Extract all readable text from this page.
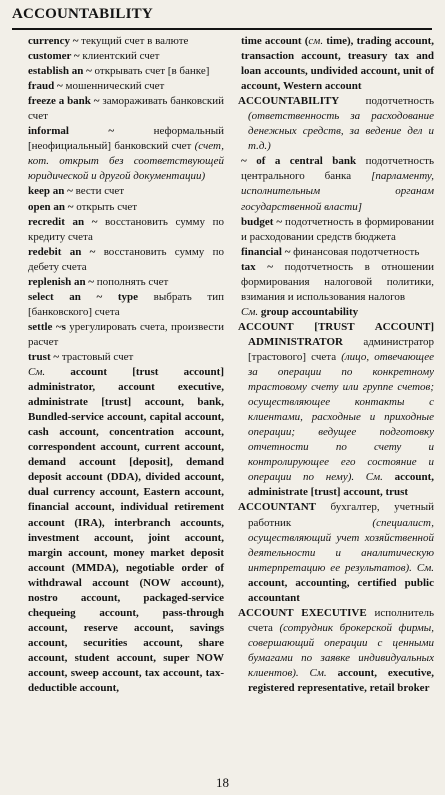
ACCOUNTABILITY

currency ~ текущий счет в валюте

customer ~ клиентский счет

establish an ~ открывать счет [в банке]

fraud ~ мошеннический счет

freeze a bank ~ замораживать банковский счет

informal ~ неформальный [неофициальный] банковский счет (счет, кот. открыт без соответствующей юридической и другой документации)

keep an ~ вести счет

open an ~ открыть счет

recredit an ~ восстановить сумму по кредиту счета

redebit an ~ восстановить сумму по дебету счета

replenish an ~ пополнять счет

select an ~ type выбрать тип [банковского] счета

settle ~s урегулировать счета, произвести расчет

trust ~ трастовый счет

См. account [trust account] administrator, account executive, administrate [trust] account, bank, Bundled-service account, capital account, cash account, concentration account, correspondent account, current account, demand account [deposit], demand deposit account (DDA), divided account, dual currency account, Eastern account, financial account, individual retirement account (IRA), interbranch accounts, investment account, joint account, margin account, money market deposit account (MMDA), negotiable order of withdrawal account (NOW account), nostro account, packaged-service chequeing account, pass-through account, reserve account, savings account, securities account, share account, student account, super NOW account, sweep account, tax account, tax-deductible account,

time account (см. time), trading account, transaction account, treasury tax and loan accounts, undivided account, unit of account, Western account

ACCOUNTABILITY подотчетность (ответственность за расходование денежных средств, за ведение дел и т.д.)

~ of a central bank подотчетность центрального банка [парламенту, исполнительным органам государственной власти]

budget ~ подотчетность в формировании и расходовании средств бюджета

financial ~ финансовая подотчетность

tax ~ подотчетность в отношении формирования налоговой политики, взимания и использования налогов

См. group accountability

ACCOUNT [TRUST ACCOUNT] ADMINISTRATOR администратор [трастового] счета (лицо, отвечающее за операции по конкретному трастовому счету или группе счетов; осуществляющее контакты с клиентами, расходные и приходные операции; ведущее подготовку отчетности по счету и контролирующее его состояние и операции по нему). См. account, administrate [trust] account, trust

ACCOUNTANT бухгалтер, учетный работник (специалист, осуществляющий учет хозяйственной деятельности и аналитическую интерпретацию ее результатов). См. account, accounting, certified public accountant

ACCOUNT EXECUTIVE исполнитель счета (сотрудник брокерской фирмы, совершающий операции с ценными бумагами по заявке индивидуальных клиентов). См. account, executive, registered representative, retail broker

18
